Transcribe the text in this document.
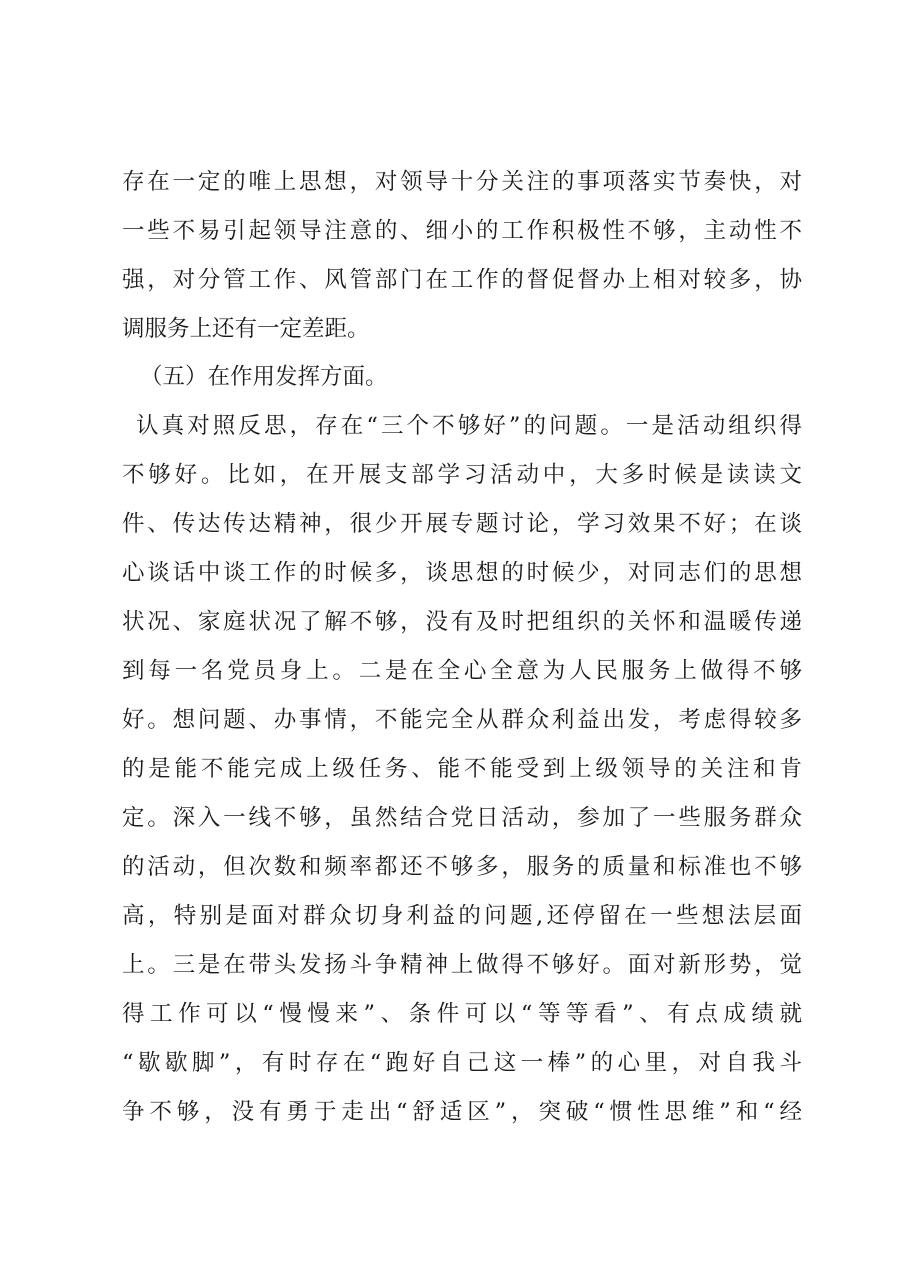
存在一定的唯上思想，对领导十分关注的事项落实节奏快，对
一些不易引起领导注意的、细小的工作积极性不够，主动性不
强，对分管工作、风管部门在工作的督促督办上相对较多，协
调服务上还有一定差距。
（五）在作用发挥方面。
认真对照反思，存在“三个不够好”的问题。一是活动组织得
不够好。比如，在开展支部学习活动中，大多时候是读读文
件、传达传达精神，很少开展专题讨论，学习效果不好；在谈
心谈话中谈工作的时候多，谈思想的时候少，对同志们的思想
状况、家庭状况了解不够，没有及时把组织的关怀和温暖传递
到每一名党员身上。二是在全心全意为人民服务上做得不够
好。想问题、办事情，不能完全从群众利益出发，考虑得较多
的是能不能完成上级任务、能不能受到上级领导的关注和肯
定。深入一线不够，虽然结合党日活动，参加了一些服务群众
的活动，但次数和频率都还不够多，服务的质量和标准也不够
高，特别是面对群众切身利益的问题,还停留在一些想法层面
上。三是在带头发扬斗争精神上做得不够好。面对新形势，觉
得工作可以“慢慢来”、条件可以“等等看”、有点成绩就
“歇歇脚”，有时存在“跑好自己这一棒”的心里，对自我斗
争不够，没有勇于走出“舒适区”，突破“惯性思维”和“经
